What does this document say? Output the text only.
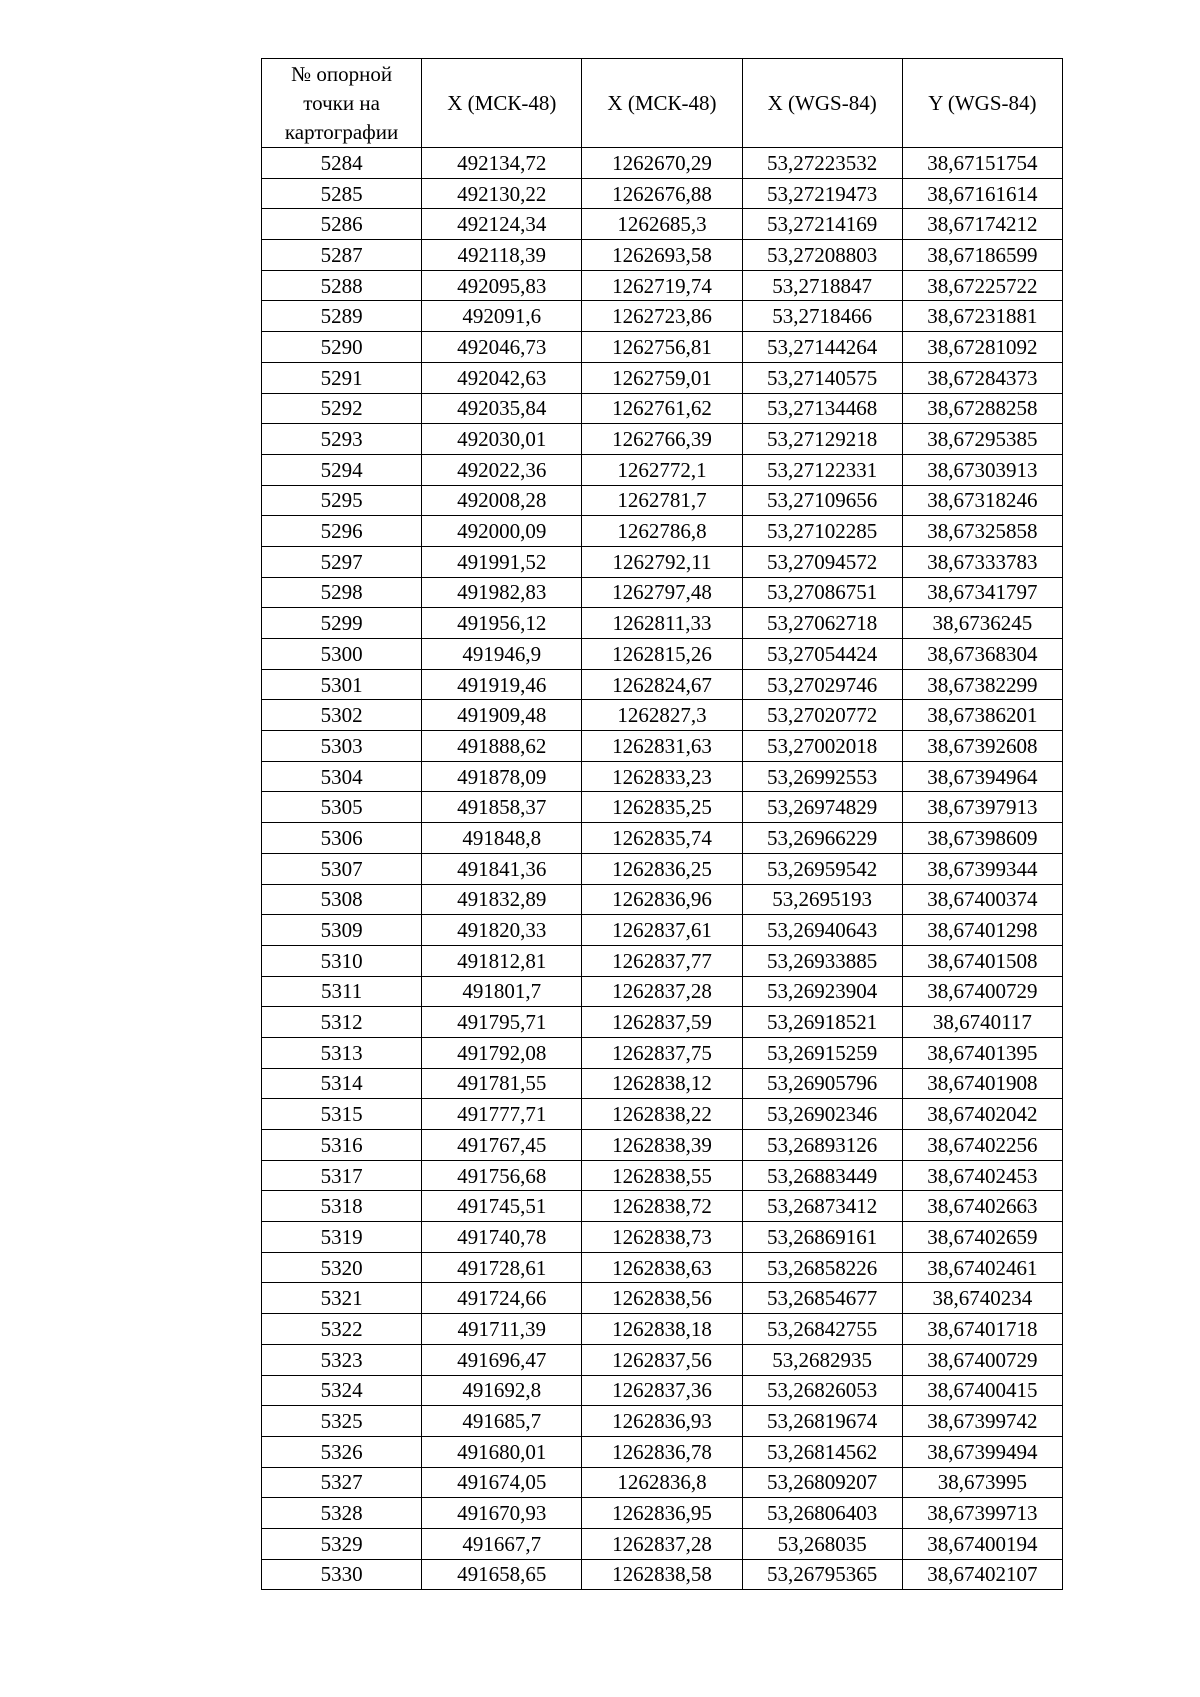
№ опорной точки на картографии	X (МСК-48)	X (МСК-48)	X (WGS-84)	Y (WGS-84)
5284	492134,72	1262670,29	53,27223532	38,67151754
5285	492130,22	1262676,88	53,27219473	38,67161614
5286	492124,34	1262685,3	53,27214169	38,67174212
5287	492118,39	1262693,58	53,27208803	38,67186599
5288	492095,83	1262719,74	53,2718847	38,67225722
5289	492091,6	1262723,86	53,2718466	38,67231881
5290	492046,73	1262756,81	53,27144264	38,67281092
5291	492042,63	1262759,01	53,27140575	38,67284373
5292	492035,84	1262761,62	53,27134468	38,67288258
5293	492030,01	1262766,39	53,27129218	38,67295385
5294	492022,36	1262772,1	53,27122331	38,67303913
5295	492008,28	1262781,7	53,27109656	38,67318246
5296	492000,09	1262786,8	53,27102285	38,67325858
5297	491991,52	1262792,11	53,27094572	38,67333783
5298	491982,83	1262797,48	53,27086751	38,67341797
5299	491956,12	1262811,33	53,27062718	38,6736245
5300	491946,9	1262815,26	53,27054424	38,67368304
5301	491919,46	1262824,67	53,27029746	38,67382299
5302	491909,48	1262827,3	53,27020772	38,67386201
5303	491888,62	1262831,63	53,27002018	38,67392608
5304	491878,09	1262833,23	53,26992553	38,67394964
5305	491858,37	1262835,25	53,26974829	38,67397913
5306	491848,8	1262835,74	53,26966229	38,67398609
5307	491841,36	1262836,25	53,26959542	38,67399344
5308	491832,89	1262836,96	53,2695193	38,67400374
5309	491820,33	1262837,61	53,26940643	38,67401298
5310	491812,81	1262837,77	53,26933885	38,67401508
5311	491801,7	1262837,28	53,26923904	38,67400729
5312	491795,71	1262837,59	53,26918521	38,6740117
5313	491792,08	1262837,75	53,26915259	38,67401395
5314	491781,55	1262838,12	53,26905796	38,67401908
5315	491777,71	1262838,22	53,26902346	38,67402042
5316	491767,45	1262838,39	53,26893126	38,67402256
5317	491756,68	1262838,55	53,26883449	38,67402453
5318	491745,51	1262838,72	53,26873412	38,67402663
5319	491740,78	1262838,73	53,26869161	38,67402659
5320	491728,61	1262838,63	53,26858226	38,67402461
5321	491724,66	1262838,56	53,26854677	38,6740234
5322	491711,39	1262838,18	53,26842755	38,67401718
5323	491696,47	1262837,56	53,2682935	38,67400729
5324	491692,8	1262837,36	53,26826053	38,67400415
5325	491685,7	1262836,93	53,26819674	38,67399742
5326	491680,01	1262836,78	53,26814562	38,67399494
5327	491674,05	1262836,8	53,26809207	38,673995
5328	491670,93	1262836,95	53,26806403	38,67399713
5329	491667,7	1262837,28	53,268035	38,67400194
5330	491658,65	1262838,58	53,26795365	38,67402107
